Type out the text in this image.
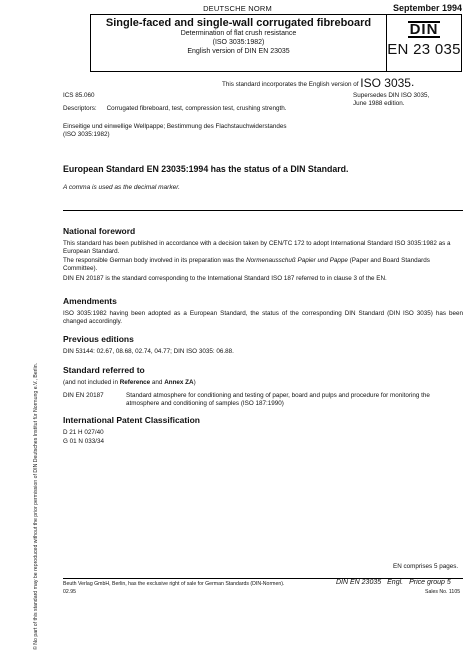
DEUTSCHE NORM	September 1994
Single-faced and single-wall corrugated fibreboard
Determination of flat crush resistance
(ISO 3035:1982)
English version of DIN EN 23035
DIN
EN 23 035
This standard incorporates the English version of ISO 3035.
Supersedes DIN ISO 3035,
June 1988 edition.
ICS 85.060
Descriptors: Corrugated fibreboard, test, compression test, crushing strength.
Einseitige und einwellige Wellpappe; Bestimmung des Flachstauchwiderstandes
(ISO 3035:1982)
European Standard EN 23035:1994 has the status of a DIN Standard.
A comma is used as the decimal marker.
National foreword
This standard has been published in accordance with a decision taken by CEN/TC 172 to adopt International Standard ISO 3035:1982 as a European Standard.
The responsible German body involved in its preparation was the Normenausschuß Papier und Pappe (Paper and Board Standards Committee).
DIN EN 20187 is the standard corresponding to the International Standard ISO 187 referred to in clause 3 of the EN.
Amendments
ISO 3035:1982 having been adopted as a European Standard, the status of the corresponding DIN Standard (DIN ISO 3035) has been changed accordingly.
Previous editions
DIN 53144: 02.67, 08.68, 02.74, 04.77; DIN ISO 3035: 06.88.
Standard referred to
(and not included in Reference and Annex ZA)
DIN EN 20187	Standard atmosphere for conditioning and testing of paper, board and pulps and procedure for monitoring the atmosphere and conditioning of samples (ISO 187:1990)
International Patent Classification
D 21 H 027/40
G 01 N 033/34
EN comprises 5 pages.
Beuth Verlag GmbH, Berlin, has the exclusive right of sale for German Standards (DIN-Normen).
02.95
DIN EN 23035 Engl. Price group 5
Sales No. 1105
© No part of this standard may be reproduced without the prior permission of DIN Deutsches Institut für Normung e.V., Berlin.
